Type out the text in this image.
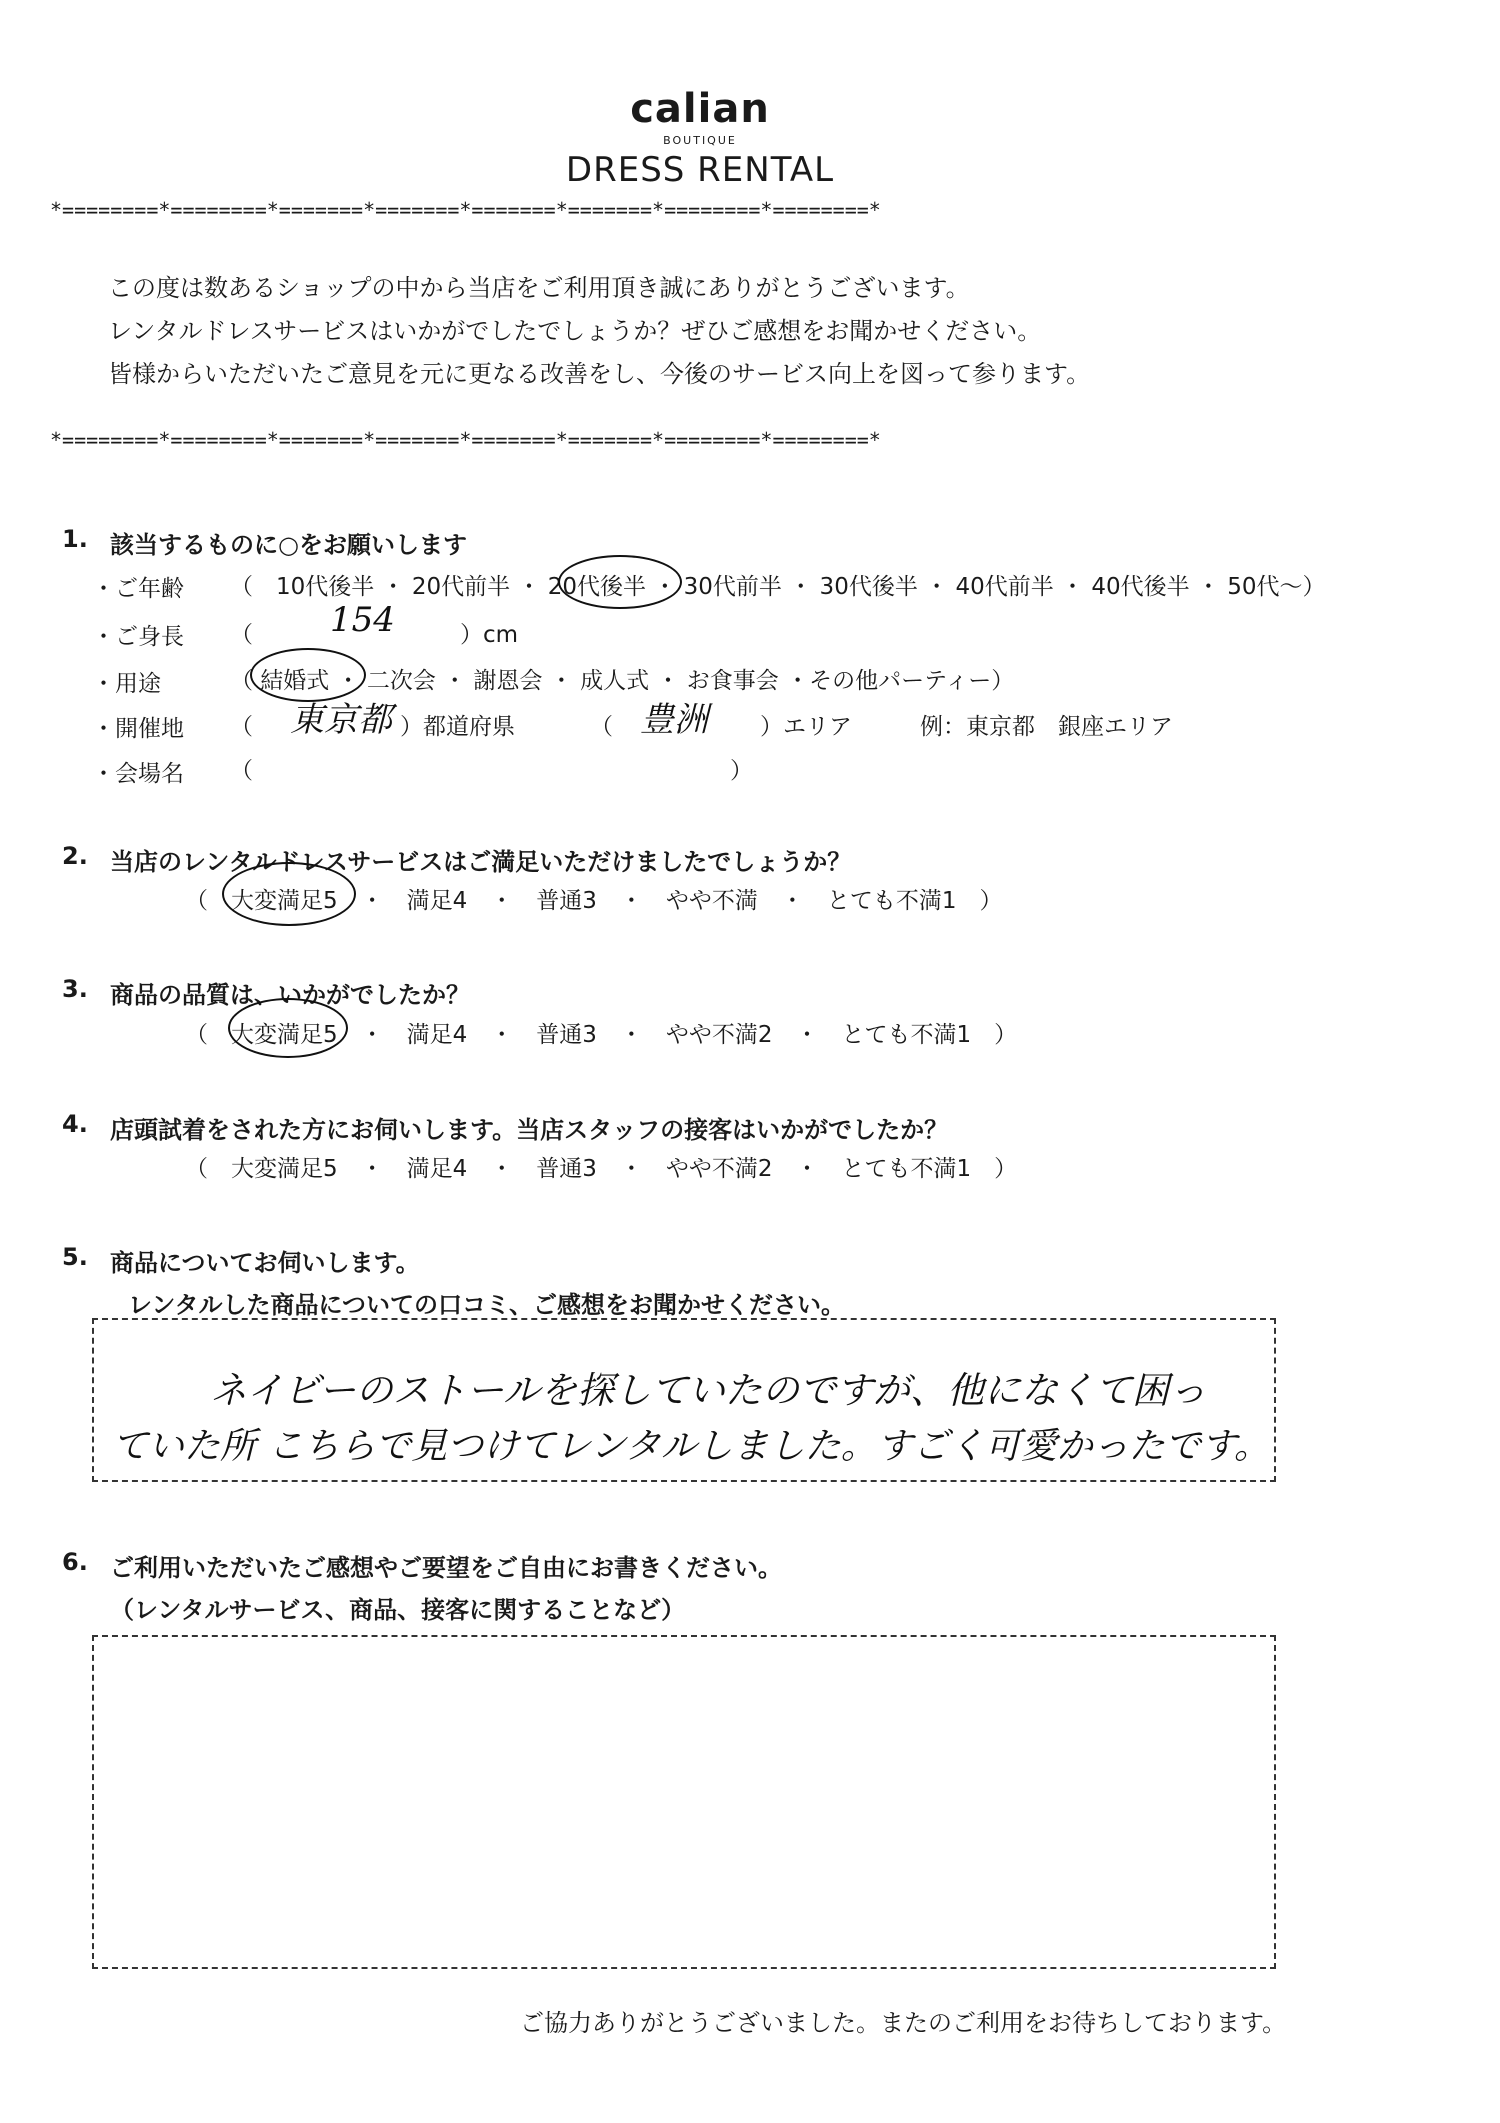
calian
BOUTIQUE
DRESS RENTAL
*========*========*=======*=======*=======*=======*========*========*
この度は数あるショップの中から当店をご利用頂き誠にありがとうございます。
レンタルドレスサービスはいかがでしたでしょうか？ぜひご感想をお聞かせください。
皆様からいただいたご意見を元に更なる改善をし、今後のサービス向上を図って参ります。
*========*========*=======*=======*=======*=======*========*========*
1. 該当するものに○をお願いします
・ご年齢 （　10代後半 ・ 20代前半 ・ 20代後半 ・ 30代前半 ・ 30代後半 ・ 40代前半 ・ 40代後半 ・ 50代〜）
・ご身長 （ 154	）cm
・用途	（ 結婚式 ・ 二次会 ・ 謝恩会 ・ 成人式 ・ お食事会 ・その他パーティー）
・開催地 （ 東京都 ）都道府県	（ 豊洲 ）エリア	例：東京都　銀座エリア
・会場名 （	）
2. 当店のレンタルドレスサービスはご満足いただけましたでしょうか？
（　大変満足5　・　満足4　・　普通3　・　やや不満　・　とても不満1　）
3. 商品の品質は、いかがでしたか？
（　大変満足5　・　満足4　・　普通3　・　やや不満2　・　とても不満1　）
4. 店頭試着をされた方にお伺いします。当店スタッフの接客はいかがでしたか？
（　大変満足5　・　満足4　・　普通3　・　やや不満2　・　とても不満1　）
5. 商品についてお伺いします。
レンタルした商品についての口コミ、ご感想をお聞かせください。
ネイビーのストールを探していたのですが、他になくて困っ
ていた所 こちらで見つけてレンタルしました。すごく可愛かったです。
6. ご利用いただいたご感想やご要望をご自由にお書きください。
（レンタルサービス、商品、接客に関することなど）
ご協力ありがとうございました。またのご利用をお待ちしております。
